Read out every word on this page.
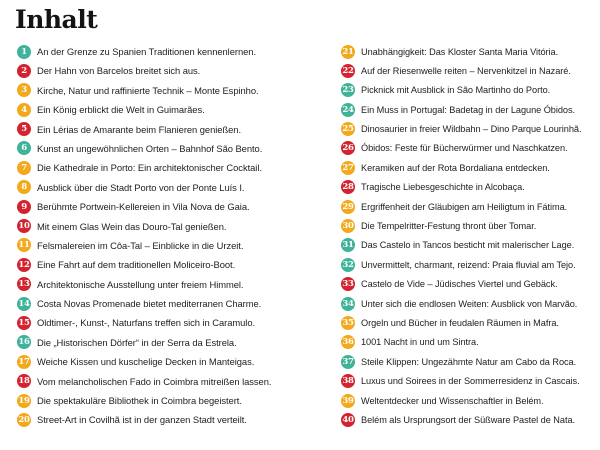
Inhalt
1	An der Grenze zu Spanien Traditionen kennenlernen.
2	Der Hahn von Barcelos breitet sich aus.
3	Kirche, Natur und raffinierte Technik – Monte Espinho.
4	Ein König erblickt die Welt in Guimarães.
5	Ein Lérias de Amarante beim Flanieren genießen.
6	Kunst an ungewöhnlichen Orten – Bahnhof São Bento.
7	Die Kathedrale in Porto: Ein architektonischer Cocktail.
8	Ausblick über die Stadt Porto von der Ponte Luís I.
9	Berühmte Portwein-Kellereien in Vila Nova de Gaia.
10 Mit einem Glas Wein das Douro-Tal genießen.
11 Felsmalereien im Côa-Tal – Einblicke in die Urzeit.
12 Eine Fahrt auf dem traditionellen Moliceiro-Boot.
13 Architektonische Ausstellung unter freiem Himmel.
14 Costa Novas Promenade bietet mediterranen Charme.
15 Oldtimer-, Kunst-, Naturfans treffen sich in Caramulo.
16 Die „Historischen Dörfer“ in der Serra da Estrela.
17 Weiche Kissen und kuschelige Decken in Manteigas.
18 Vom melancholischen Fado in Coimbra mitreißen lassen.
19 Die spektakuläre Bibliothek in Coimbra begeistert.
20 Street-Art in Covilhã ist in der ganzen Stadt verteilt.
21 Unabhängigkeit: Das Kloster Santa Maria Vitória.
22 Auf der Riesenwelle reiten – Nervenkitzel in Nazaré.
23 Picknick mit Ausblick in São Martinho do Porto.
24 Ein Muss in Portugal: Badetag in der Lagune Óbidos.
25 Dinosaurier in freier Wildbahn – Dino Parque Lourinhã.
26 Óbidos: Feste für Bücherwürmer und Naschkatzen.
27 Keramiken auf der Rota Bordaliana entdecken.
28 Tragische Liebesgeschichte in Alcobaça.
29 Ergriffenheit der Gläubigen am Heiligtum in Fátima.
30 Die Tempelritter-Festung thront über Tomar.
31 Das Castelo in Tancos besticht mit malerischer Lage.
32 Unvermittelt, charmant, reizend: Praia fluvial am Tejo.
33 Castelo de Vide – Jüdisches Viertel und Gebäck.
34 Unter sich die endlosen Weiten: Ausblick von Marvão.
35 Orgeln und Bücher in feudalen Räumen in Mafra.
36 1001 Nacht in und um Sintra.
37 Steile Klippen: Ungezähmte Natur am Cabo da Roca.
38 Luxus und Soirees in der Sommerresidenz in Cascais.
39 Weltentdecker und Wissenschaftler in Belém.
40 Belém als Ursprungsort der Süßware Pastel de Nata.
